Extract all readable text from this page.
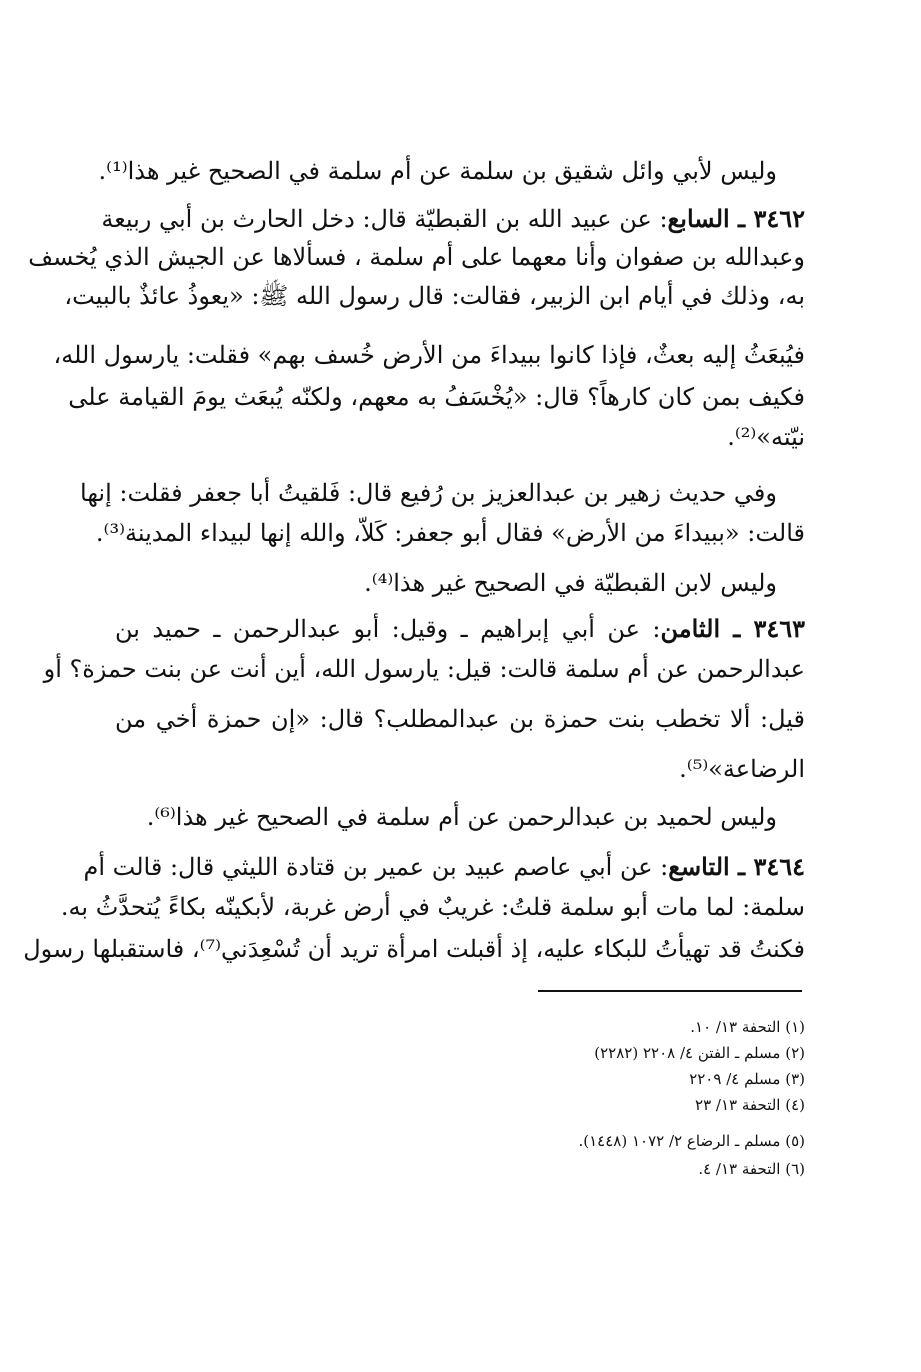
وليس لأبي وائل شقيق بن سلمة عن أم سلمة في الصحيح غير هذا⁽¹⁾.
٣٤٦٢ ـ السابع: عن عبيد الله بن القبطيّة قال: دخل الحارث بن أبي ربيعة
وعبدالله بن صفوان وأنا معهما على أم سلمة ، فسألاها عن الجيش الذي يُخسف
به، وذلك في أيام ابن الزبير، فقالت: قال رسول الله ﷺ: «يعوذُ عائذٌ بالبيت،
فيُبعَثُ إليه بعثٌ، فإذا كانوا ببيداءَ من الأرض خُسف بهم» فقلت: يارسول الله،
فكيف بمن كان كارهاً؟ قال: «يُخْسَفُ به معهم، ولكنّه يُبعَث يومَ القيامة على
نيّته»⁽²⁾.
وفي حديث زهير بن عبدالعزيز بن رُفيع قال: فَلقيتُ أبا جعفر فقلت: إنها
قالت: «ببيداءَ من الأرض» فقال أبو جعفر: كَلاّ، والله إنها لبيداء المدينة⁽³⁾.
وليس لابن القبطيّة في الصحيح غير هذا⁽⁴⁾.
٣٤٦٣ ـ الثامن: عن أبي إبراهيم ـ وقيل: أبو عبدالرحمن ـ حميد بن
عبدالرحمن عن أم سلمة قالت: قيل: يارسول الله، أين أنت عن بنت حمزة؟ أو
قيل: ألا تخطب بنت حمزة بن عبدالمطلب؟ قال: «إن حمزة أخي من
الرضاعة»⁽⁵⁾.
وليس لحميد بن عبدالرحمن عن أم سلمة في الصحيح غير هذا⁽⁶⁾.
٣٤٦٤ ـ التاسع: عن أبي عاصم عبيد بن عمير بن قتادة الليثي قال: قالت أم
سلمة: لما مات أبو سلمة قلتُ: غريبٌ في أرض غربة، لأبكينّه بكاءً يُتحدَّثُ به.
فكنتُ قد تهيأتُ للبكاء عليه، إذ أقبلت امرأة تريد أن تُسْعِدَني⁽⁷⁾، فاستقبلها رسول
(١) التحفة ١٣/ ١٠.
(٢) مسلم ـ الفتن ٤/ ٢٢٠٨ (٢٢٨٢)
(٣) مسلم ٤/ ٢٢٠٩
(٤) التحفة ١٣/ ٢٣
(٥) مسلم ـ الرضاع ٢/ ١٠٧٢ (١٤٤٨).
(٦) التحفة ١٣/ ٤.
